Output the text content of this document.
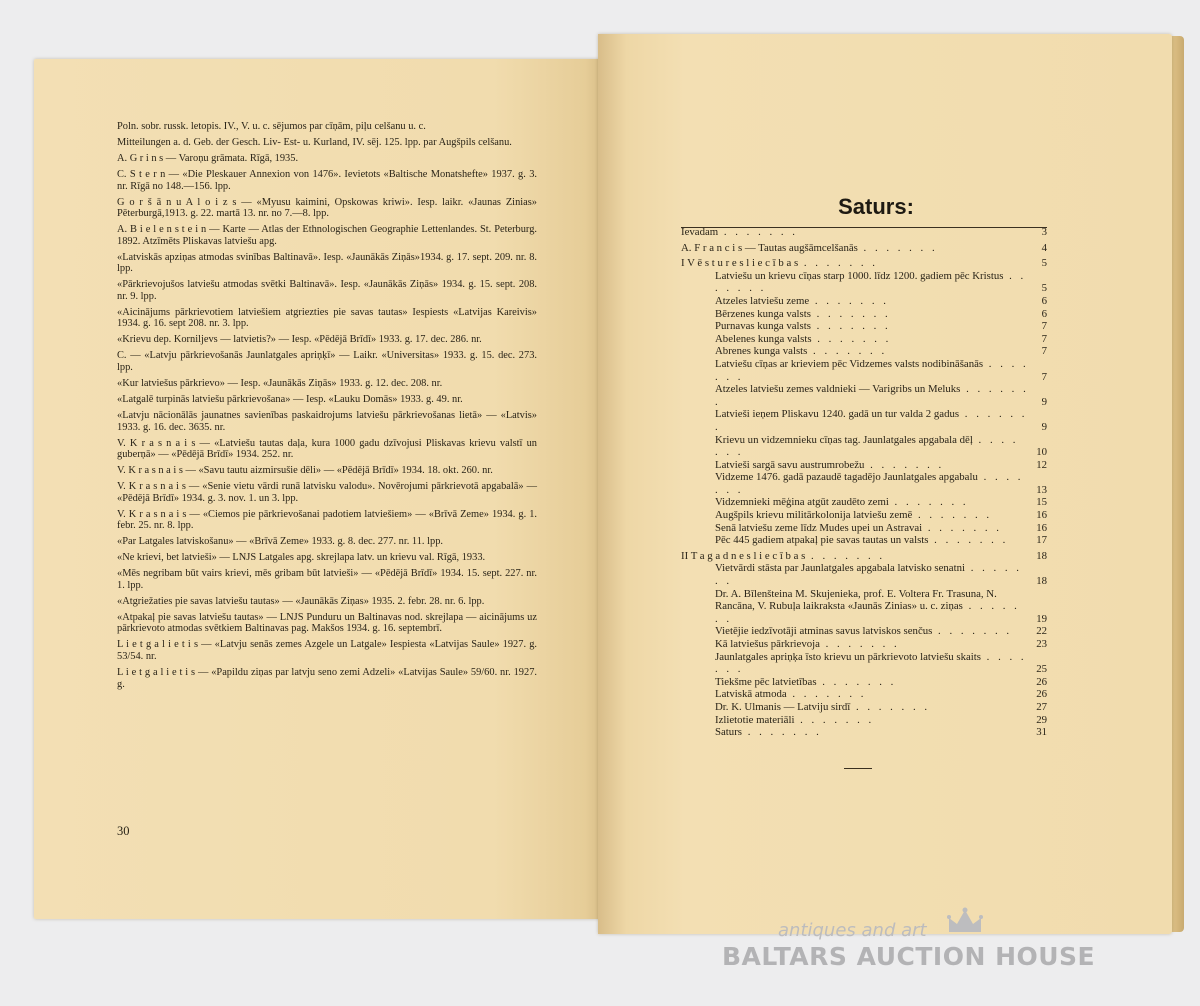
Poln. sobr. russk. letopis. IV., V. u. c. sējumos par cīņām, piļu celšanu u. c.
Mitteilungen a. d. Geb. der Gesch. Liv- Est- u. Kurland, IV. sēj. 125. lpp. par Augšpils celšanu.
A. G r i n s — Varoņu grāmata. Rīgā, 1935.
C. S t e r n — «Die Pleskauer Annexion von 1476». Ievietots «Baltische Monatshefte» 1937. g. 3. nr. Rīgā no 148.—156. lpp.
G o r š ā n u A l o i z s — «Myusu kaimini, Opskowas kriwi». Iesp. laikr. «Jaunas Zinias» Pēterburgā,1913. g. 22. martā 13. nr. no 7.—8. lpp.
A. B i e l e n s t e i n — Karte — Atlas der Ethnologischen Geographie Lettenlandes. St. Peterburg. 1892. Atzīmēts Pliskavas latviešu apg.
«Latviskās apziņas atmodas svinības Baltinavā». Iesp. «Jaunākās Ziņās»1934. g. 17. sept. 209. nr. 8. lpp.
«Pārkrievojušos latviešu atmodas svētki Baltinavā». Iesp. «Jaunākās Ziņās» 1934. g. 15. sept. 208. nr. 9. lpp.
«Aicinājums pārkrievotiem latviešiem atgriezties pie savas tautas» Iespiests «Latvijas Kareivis» 1934. g. 16. sept 208. nr. 3. lpp.
«Krievu dep. Korniljevs — latvietis?» — Iesp. «Pēdējā Brīdī» 1933. g. 17. dec. 286. nr.
C. — «Latvju pārkrievošanās Jaunlatgales apriņķī» — Laikr. «Universitas» 1933. g. 15. dec. 273. lpp.
«Kur latviešus pārkrievo» — Iesp. «Jaunākās Ziņās» 1933. g. 12. dec. 208. nr.
«Latgalē turpinās latviešu pārkrievošana» — Iesp. «Lauku Domās» 1933. g. 49. nr.
«Latvju nācionālās jaunatnes savienības paskaidrojums latviešu pārkrievošanas lietā» — «Latvis» 1933. g. 16. dec. 3635. nr.
V. K r a s n a i s — «Latviešu tautas daļa, kura 1000 gadu dzīvojusi Pliskavas krievu valstī un guberņā» — «Pēdējā Brīdī» 1934. 252. nr.
V. K r a s n a i s — «Savu tautu aizmirsušie dēli» — «Pēdējā Brīdī» 1934. 18. okt. 260. nr.
V. K r a s n a i s — «Senie vietu vārdi runā latvisku valodu». Novērojumi pārkrievotā apgabalā» — «Pēdējā Brīdī» 1934. g. 3. nov. 1. un 3. lpp.
V. K r a s n a i s — «Ciemos pie pārkrievošanai padotiem latviešiem» — «Brīvā Zeme» 1934. g. 1. febr. 25. nr. 8. lpp.
«Par Latgales latviskošanu» — «Brīvā Zeme» 1933. g. 8. dec. 277. nr. 11. lpp.
«Ne krievi, bet latvieši» — LNJS Latgales apg. skrejlapa latv. un krievu val. Rīgā, 1933.
«Mēs negribam būt vairs krievi, mēs gribam būt latvieši» — «Pēdējā Brīdī» 1934. 15. sept. 227. nr. 1. lpp.
«Atgriežaties pie savas latviešu tautas» — «Jaunākās Ziņas» 1935. 2. febr. 28. nr. 6. lpp.
«Atpakaļ pie savas latviešu tautas» — LNJS Punduru un Baltinavas nod. skrejlapa — aicinājums uz pārkrievoto atmodas svētkiem Baltinavas pag. Makšos 1934. g. 16. septembrī.
L i e t g a l i e t i s — «Latvju senās zemes Azgele un Latgale» Iespiesta «Latvijas Saule» 1927. g. 53/54. nr.
L i e t g a l i e t i s — «Papildu ziņas par latvju seno zemi Adzeli» «Latvijas Saule» 59/60. nr. 1927. g.
30
Saturs:
Ievadam . . . . . . .	3
A. F r a n c i s — Tautas augšāmcelšanās . . . . . . .	4
I V ē s t u r e s l i e c ī b a s . . . . . . .	5
Latviešu un krievu cīņas starp 1000. līdz 1200. gadiem pēc Kristus . . . . . . .	5
Atzeles latviešu zeme . . . . . . .	6
Bērzenes kunga valsts . . . . . . .	6
Purnavas kunga valsts . . . . . . .	7
Abelenes kunga valsts . . . . . . .	7
Abrenes kunga valsts . . . . . . .	7
Latviešu cīņas ar krieviem pēc Vidzemes valsts nodibināšanās . . . . . . .	7
Atzeles latviešu zemes valdnieki — Varigribs un Meluks . . . . . . .	9
Latvieši ieņem Pliskavu 1240. gadā un tur valda 2 gadus . . . . . . .	9
Krievu un vidzemnieku cīņas tag. Jaunlatgales apgabala dēļ . . . . . . .	10
Latvieši sargā savu austrumrobežu . . . . . . .	12
Vidzeme 1476. gadā pazaudē tagadējo Jaunlatgales apgabalu . . . . . . .	13
Vidzemnieki mēģina atgūt zaudēto zemi . . . . . . .	15
Augšpils krievu militārkolonija latviešu zemē . . . . . . .	16
Senā latviešu zeme līdz Mudes upei un Astravai . . . . . . .	16
Pēc 445 gadiem atpakaļ pie savas tautas un valsts . . . . . . .	17
II T a g a d n e s l i e c ī b a s . . . . . . .	18
Vietvārdi stāsta par Jaunlatgales apgabala latvisko senatni . . . . . . .	18
Dr. A. Bīlenšteina M. Skujenieka, prof. E. Voltera Fr. Trasuna, N. Rancāna, V. Rubuļa laikraksta «Jaunās Zinias» u. c. ziņas . . . . . . .	19
Vietējie iedzīvotāji atminas savus latviskos senčus . . . . . . . 22
Kā latviešus pārkrievoja . . . . . . .	23
Jaunlatgales apriņķa īsto krievu un pārkrievoto latviešu skaits . . . . . . .	25
Tiekšme pēc latvietības . . . . . . .	26
Latviskā atmoda . . . . . . .	26
Dr. K. Ulmanis — Latviju sirdī . . . . . . .	27
Izlietotie materiāli . . . . . . .	29
Saturs . . . . . . .	31
antiques and art
BALTARS AUCTION HOUSE
